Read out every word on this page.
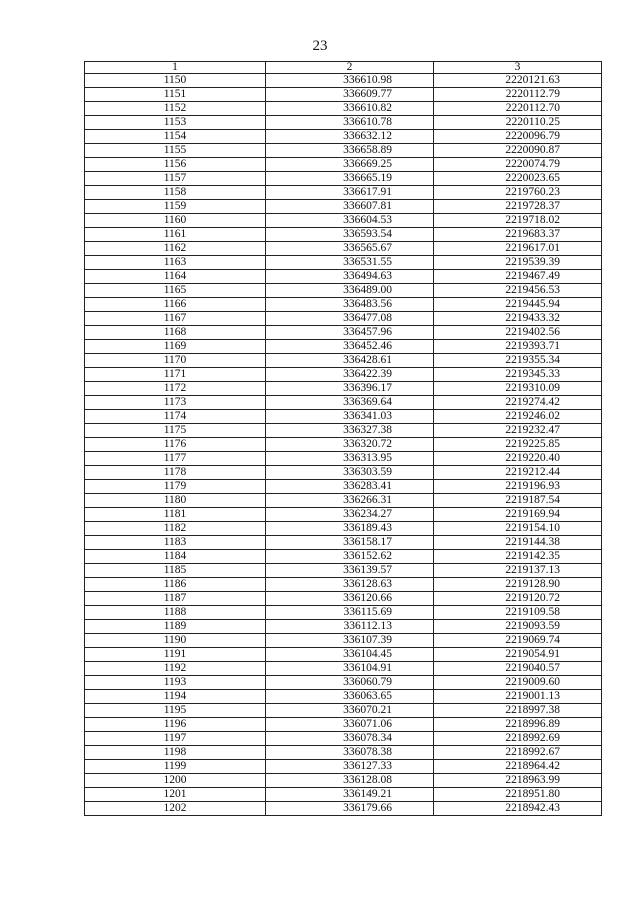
23
1	2	3
1150	336610.98	2220121.63
1151	336609.77	2220112.79
1152	336610.82	2220112.70
1153	336610.78	2220110.25
1154	336632.12	2220096.79
1155	336658.89	2220090.87
1156	336669.25	2220074.79
1157	336665.19	2220023.65
1158	336617.91	2219760.23
1159	336607.81	2219728.37
1160	336604.53	2219718.02
1161	336593.54	2219683.37
1162	336565.67	2219617.01
1163	336531.55	2219539.39
1164	336494.63	2219467.49
1165	336489.00	2219456.53
1166	336483.56	2219445.94
1167	336477.08	2219433.32
1168	336457.96	2219402.56
1169	336452.46	2219393.71
1170	336428.61	2219355.34
1171	336422.39	2219345.33
1172	336396.17	2219310.09
1173	336369.64	2219274.42
1174	336341.03	2219246.02
1175	336327.38	2219232.47
1176	336320.72	2219225.85
1177	336313.95	2219220.40
1178	336303.59	2219212.44
1179	336283.41	2219196.93
1180	336266.31	2219187.54
1181	336234.27	2219169.94
1182	336189.43	2219154.10
1183	336158.17	2219144.38
1184	336152.62	2219142.35
1185	336139.57	2219137.13
1186	336128.63	2219128.90
1187	336120.66	2219120.72
1188	336115.69	2219109.58
1189	336112.13	2219093.59
1190	336107.39	2219069.74
1191	336104.45	2219054.91
1192	336104.91	2219040.57
1193	336060.79	2219009.60
1194	336063.65	2219001.13
1195	336070.21	2218997.38
1196	336071.06	2218996.89
1197	336078.34	2218992.69
1198	336078.38	2218992.67
1199	336127.33	2218964.42
1200	336128.08	2218963.99
1201	336149.21	2218951.80
1202	336179.66	2218942.43
